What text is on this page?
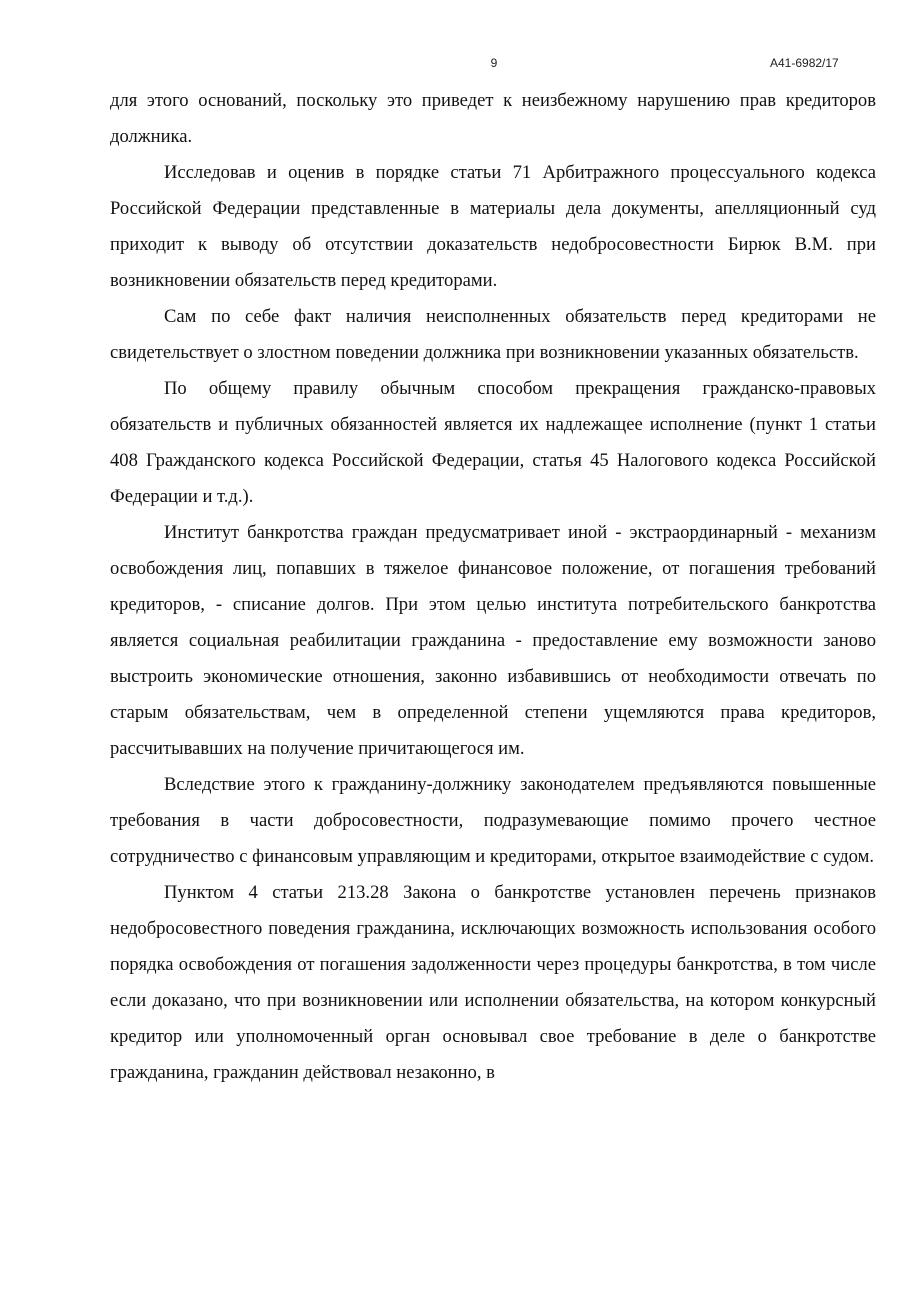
9	А41-6982/17

для этого оснований, поскольку это приведет к неизбежному нарушению прав кредиторов должника.

Исследовав и оценив в порядке статьи 71 Арбитражного процессуального кодекса Российской Федерации представленные в материалы дела документы, апелляционный суд приходит к выводу об отсутствии доказательств недобросовестности Бирюк В.М. при возникновении обязательств перед кредиторами.

Сам по себе факт наличия неисполненных обязательств перед кредиторами не свидетельствует о злостном поведении должника при возникновении указанных обязательств.

По общему правилу обычным способом прекращения гражданско-правовых обязательств и публичных обязанностей является их надлежащее исполнение (пункт 1 статьи 408 Гражданского кодекса Российской Федерации, статья 45 Налогового кодекса Российской Федерации и т.д.).

Институт банкротства граждан предусматривает иной - экстраординарный - механизм освобождения лиц, попавших в тяжелое финансовое положение, от погашения требований кредиторов, - списание долгов. При этом целью института потребительского банкротства является социальная реабилитации гражданина - предоставление ему возможности заново выстроить экономические отношения, законно избавившись от необходимости отвечать по старым обязательствам, чем в определенной степени ущемляются права кредиторов, рассчитывавших на получение причитающегося им.

Вследствие этого к гражданину-должнику законодателем предъявляются повышенные требования в части добросовестности, подразумевающие помимо прочего честное сотрудничество с финансовым управляющим и кредиторами, открытое взаимодействие с судом.

Пунктом 4 статьи 213.28 Закона о банкротстве установлен перечень признаков недобросовестного поведения гражданина, исключающих возможность использования особого порядка освобождения от погашения задолженности через процедуры банкротства, в том числе если доказано, что при возникновении или исполнении обязательства, на котором конкурсный кредитор или уполномоченный орган основывал свое требование в деле о банкротстве гражданина, гражданин действовал незаконно, в
